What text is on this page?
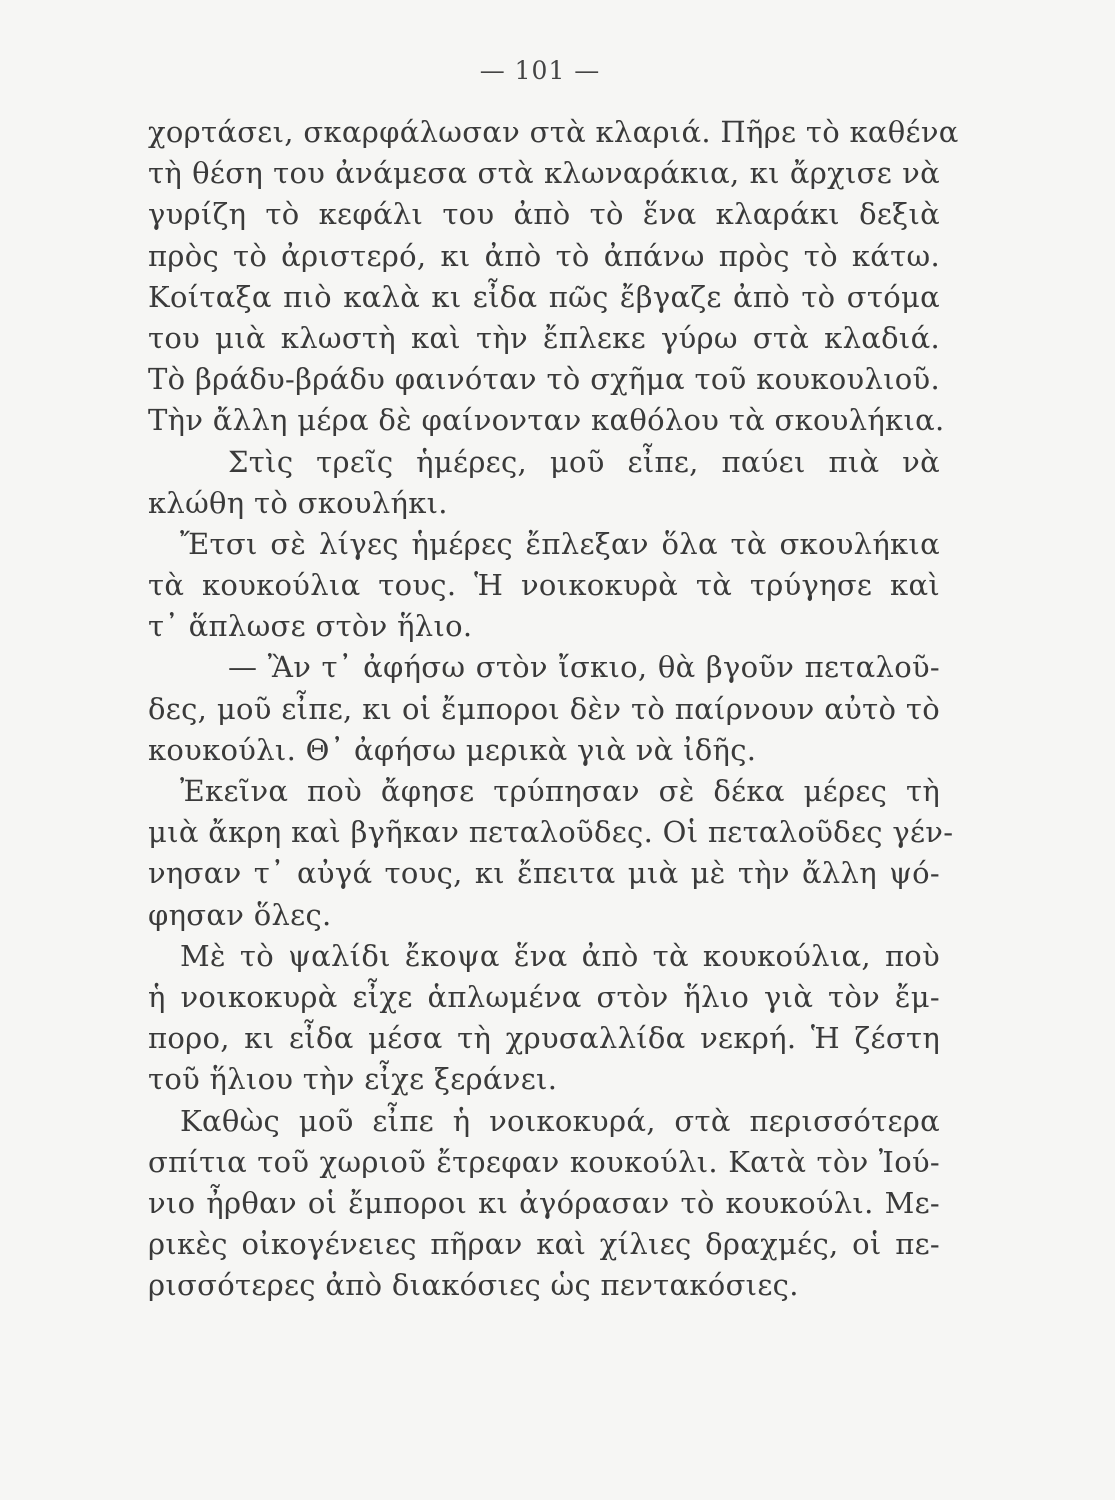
— 101 —
χορτάσει, σκαρφάλωσαν στὰ κλαριά. Πῆρε τὸ καθένα
τὴ θέση του ἀνάμεσα στὰ κλωναράκια, κι ἄρχισε νὰ
γυρίζη τὸ κεφάλι του ἀπὸ τὸ ἕνα κλαράκι δεξιὰ
πρὸς τὸ ἀριστερό, κι ἀπὸ τὸ ἀπάνω πρὸς τὸ κάτω.
Κοίταξα πιὸ καλὰ κι εἶδα πῶς ἔβγαζε ἀπὸ τὸ στόμα
του μιὰ κλωστὴ καὶ τὴν ἔπλεκε γύρω στὰ κλαδιά.
Τὸ βράδυ-βράδυ φαινόταν τὸ σχῆμα τοῦ κουκουλιοῦ.
Τὴν ἄλλη μέρα δὲ φαίνονταν καθόλου τὰ σκουλήκια.
Στὶς τρεῖς ἡμέρες, μοῦ εἶπε, παύει πιὰ νὰ
κλώθη τὸ σκουλήκι.
Ἔτσι σὲ λίγες ἡμέρες ἔπλεξαν ὅλα τὰ σκουλήκια
τὰ κουκούλια τους. Ἡ νοικοκυρὰ τὰ τρύγησε καὶ
τ᾿ ἅπλωσε στὸν ἥλιο.
— Ἂν τ᾿ ἀφήσω στὸν ἴσκιο, θὰ βγοῦν πεταλοῦ-
δες, μοῦ εἶπε, κι οἱ ἔμποροι δὲν τὸ παίρνουν αὐτὸ τὸ
κουκούλι. Θ᾿ ἀφήσω μερικὰ γιὰ νὰ ἰδῆς.
Ἐκεῖνα ποὺ ἄφησε τρύπησαν σὲ δέκα μέρες τὴ
μιὰ ἄκρη καὶ βγῆκαν πεταλοῦδες. Οἱ πεταλοῦδες γέν-
νησαν τ᾿ αὐγά τους, κι ἔπειτα μιὰ μὲ τὴν ἄλλη ψό-
φησαν ὅλες.
Μὲ τὸ ψαλίδι ἔκοψα ἕνα ἀπὸ τὰ κουκούλια, ποὺ
ἡ νοικοκυρὰ εἶχε ἁπλωμένα στὸν ἥλιο γιὰ τὸν ἔμ-
πορο, κι εἶδα μέσα τὴ χρυσαλλίδα νεκρή. Ἡ ζέστη
τοῦ ἥλιου τὴν εἶχε ξεράνει.
Καθὼς μοῦ εἶπε ἡ νοικοκυρά, στὰ περισσότερα
σπίτια τοῦ χωριοῦ ἔτρεφαν κουκούλι. Κατὰ τὸν Ἰού-
νιο ἦρθαν οἱ ἔμποροι κι ἀγόρασαν τὸ κουκούλι. Με-
ρικὲς οἰκογένειες πῆραν καὶ χίλιες δραχμές, οἱ πε-
ρισσότερες ἀπὸ διακόσιες ὡς πεντακόσιες.
